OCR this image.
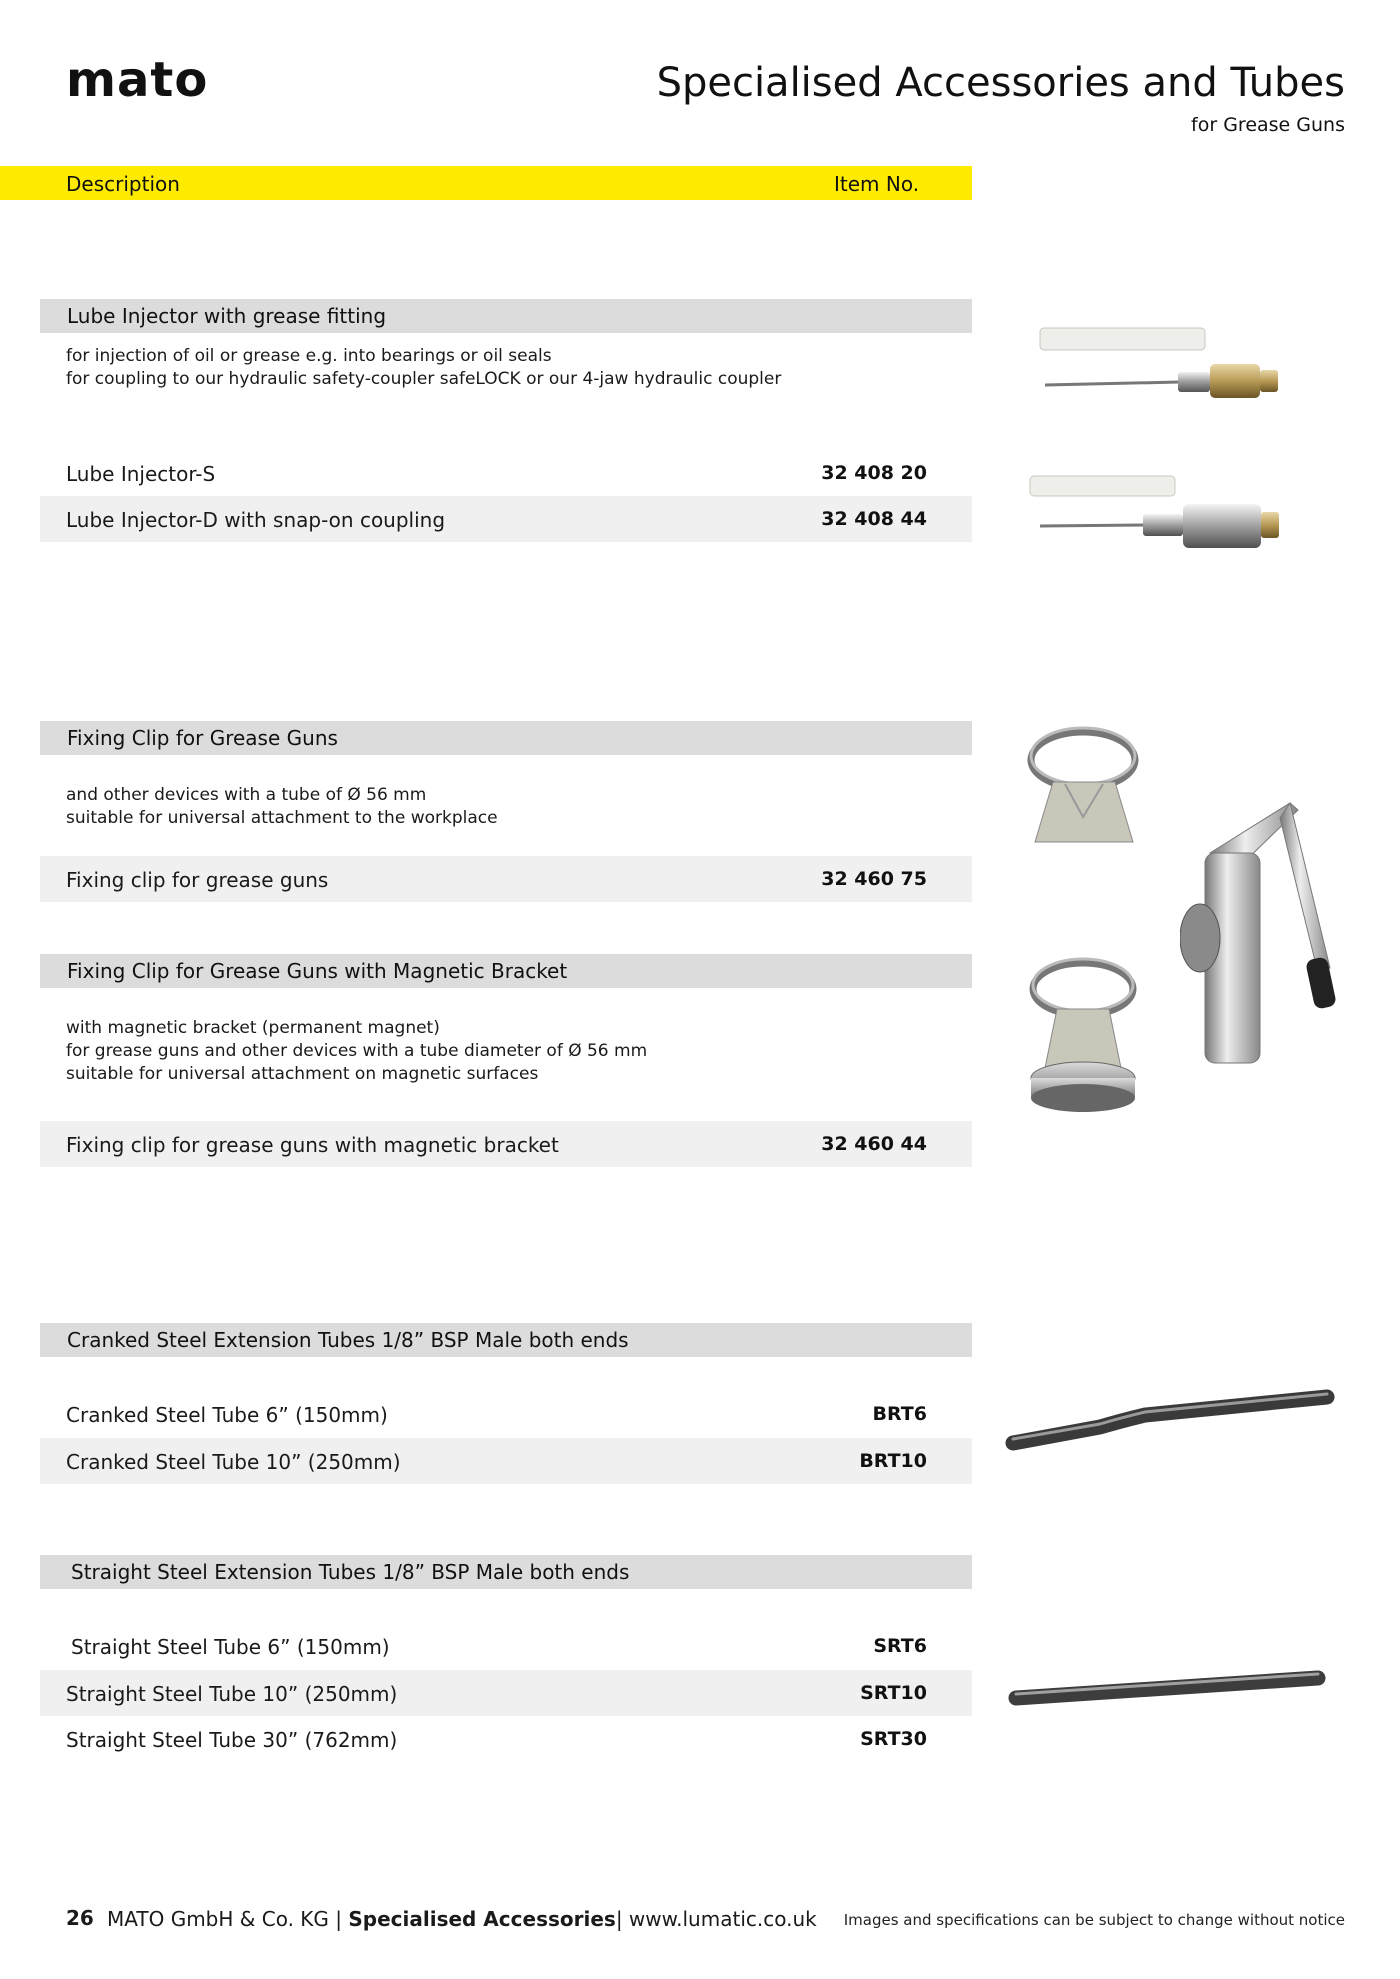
mato	Specialised Accessories and Tubes
for Grease Guns
Description	Item No.
Lube Injector with grease fitting
for injection of oil or grease e.g. into bearings or oil seals
for coupling to our hydraulic safety-coupler safeLOCK or our 4-jaw hydraulic coupler
Lube Injector-S	32 408 20
Lube Injector-D with snap-on coupling	32 408 44
Fixing Clip for Grease Guns
and other devices with a tube of Ø 56 mm
suitable for universal attachment to the workplace
Fixing clip for grease guns	32 460 75
Fixing Clip for Grease Guns with Magnetic Bracket
with magnetic bracket (permanent magnet)
for grease guns and other devices with a tube diameter of Ø 56 mm
suitable for universal attachment on magnetic surfaces
Fixing clip for grease guns with magnetic bracket	32 460 44
Cranked Steel Extension Tubes 1/8” BSP Male both ends
Cranked Steel Tube 6” (150mm)	BRT6
Cranked Steel Tube 10” (250mm)	BRT10
Straight Steel Extension Tubes 1/8” BSP Male both ends
Straight Steel Tube 6” (150mm)	SRT6
Straight Steel Tube 10” (250mm)	SRT10
Straight Steel Tube 30” (762mm)	SRT30
26 MATO GmbH & Co. KG | Specialised Accessories| www.lumatic.co.uk Images and specifications can be subject to change without notice
